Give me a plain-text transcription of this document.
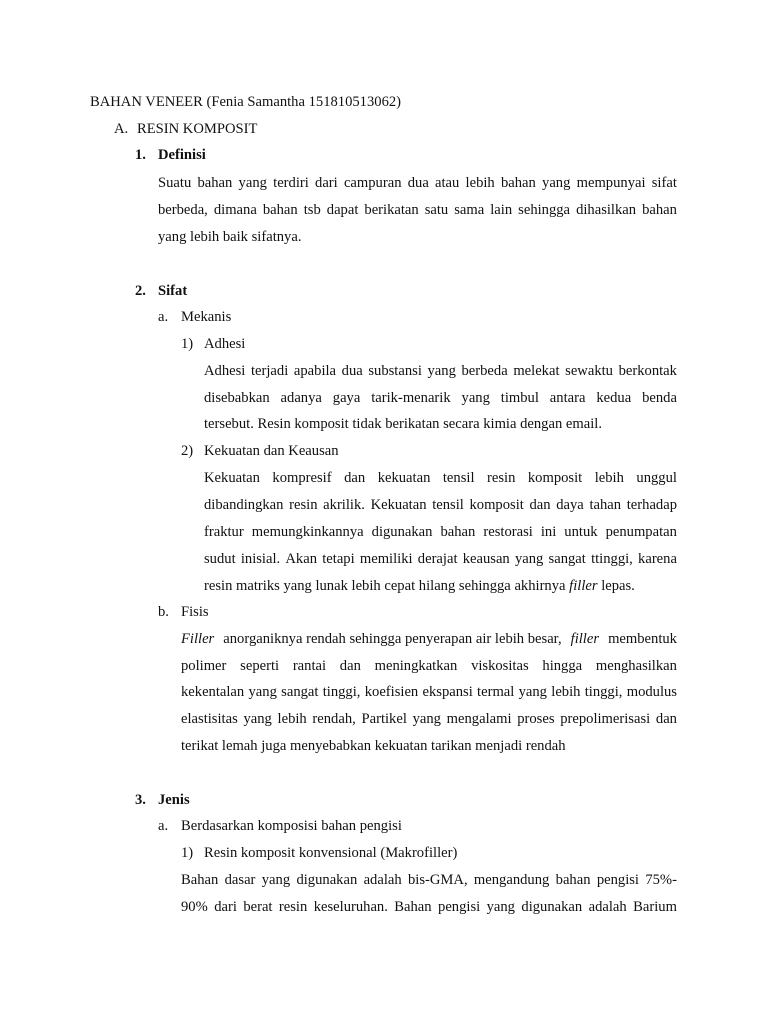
BAHAN VENEER (Fenia Samantha 151810513062)
A. RESIN KOMPOSIT
1. Definisi
Suatu bahan yang terdiri dari campuran dua atau lebih bahan yang mempunyai sifat
berbeda, dimana bahan tsb dapat berikatan satu sama lain sehingga dihasilkan bahan
yang lebih baik sifatnya.
2. Sifat
a. Mekanis
1) Adhesi
Adhesi terjadi apabila dua substansi yang berbeda melekat sewaktu berkontak
disebabkan adanya gaya tarik-menarik yang timbul antara kedua benda
tersebut. Resin komposit tidak berikatan secara kimia dengan email.
2) Kekuatan dan Keausan
Kekuatan kompresif dan kekuatan tensil resin komposit lebih unggul
dibandingkan resin akrilik. Kekuatan tensil komposit dan daya tahan terhadap
fraktur memungkinkannya digunakan bahan restorasi ini untuk penumpatan
sudut inisial. Akan tetapi memiliki derajat keausan yang sangat ttinggi, karena
resin matriks yang lunak lebih cepat hilang sehingga akhirnya filler lepas.
b. Fisis
Filler anorganiknya rendah sehingga penyerapan air lebih besar, filler membentuk
polimer seperti rantai dan meningkatkan viskositas hingga menghasilkan
kekentalan yang sangat tinggi, koefisien ekspansi termal yang lebih tinggi, modulus
elastisitas yang lebih rendah, Partikel yang mengalami proses prepolimerisasi dan
terikat lemah juga menyebabkan kekuatan tarikan menjadi rendah
3. Jenis
a. Berdasarkan komposisi bahan pengisi
1) Resin komposit konvensional (Makrofiller)
Bahan dasar yang digunakan adalah bis-GMA, mengandung bahan pengisi 75%-
90% dari berat resin keseluruhan. Bahan pengisi yang digunakan adalah Barium
